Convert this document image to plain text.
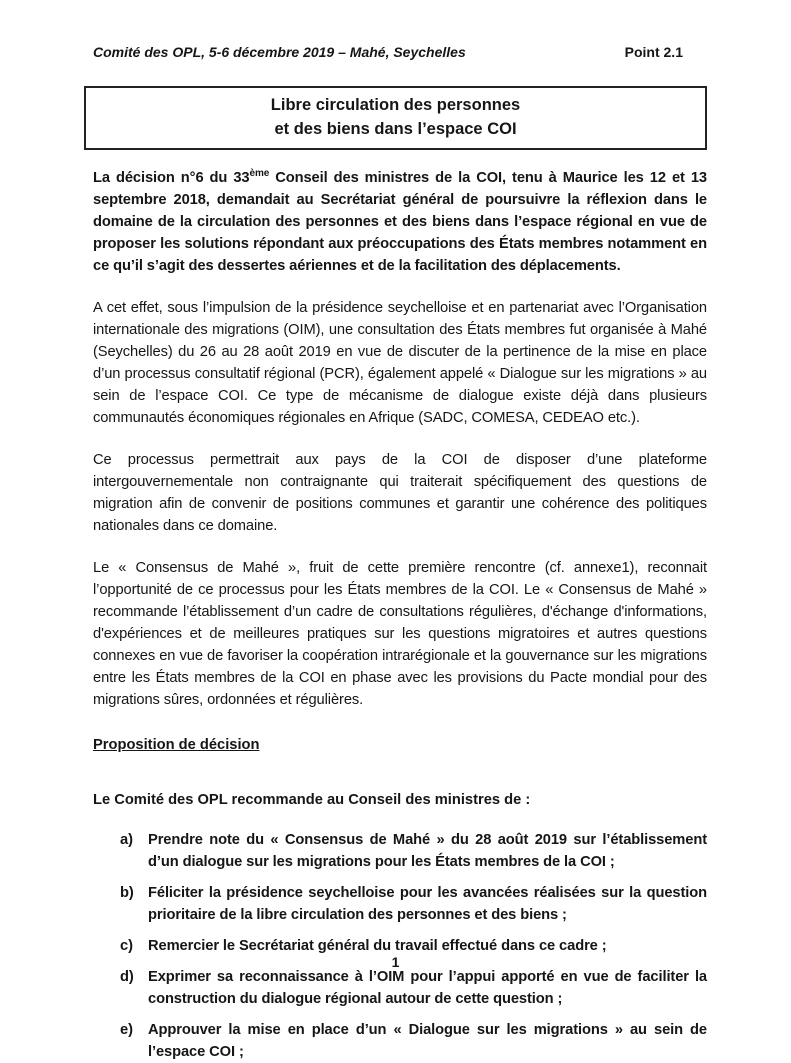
Comité des OPL, 5-6 décembre 2019 – Mahé, Seychelles	Point 2.1
Libre circulation des personnes
et des biens dans l’espace COI

La décision n°6 du 33ème Conseil des ministres de la COI, tenu à Maurice les 12 et 13 septembre 2018, demandait au Secrétariat général de poursuivre la réflexion dans le domaine de la circulation des personnes et des biens dans l’espace régional en vue de proposer les solutions répondant aux préoccupations des États membres notamment en ce qu’il s’agit des dessertes aériennes et de la facilitation des déplacements.

A cet effet, sous l’impulsion de la présidence seychelloise et en partenariat avec l’Organisation internationale des migrations (OIM), une consultation des États membres fut organisée à Mahé (Seychelles) du 26 au 28 août 2019 en vue de discuter de la pertinence de la mise en place d’un processus consultatif régional (PCR), également appelé « Dialogue sur les migrations » au sein de l’espace COI. Ce type de mécanisme de dialogue existe déjà dans plusieurs communautés économiques régionales en Afrique (SADC, COMESA, CEDEAO etc.).

Ce processus permettrait aux pays de la COI de disposer d’une plateforme intergouvernementale non contraignante qui traiterait spécifiquement des questions de migration afin de convenir de positions communes et garantir une cohérence des politiques nationales dans ce domaine.

Le « Consensus de Mahé », fruit de cette première rencontre (cf. annexe1), reconnait l’opportunité de ce processus pour les États membres de la COI. Le « Consensus de Mahé » recommande l’établissement d’un cadre de consultations régulières, d'échange d'informations, d'expériences et de meilleures pratiques sur les questions migratoires et autres questions connexes en vue de favoriser la coopération intrarégionale et la gouvernance sur les migrations entre les États membres de la COI en phase avec les provisions du Pacte mondial pour des migrations sûres, ordonnées et régulières.

Proposition de décision
Le Comité des OPL recommande au Conseil des ministres de :
a)	Prendre note du « Consensus de Mahé » du 28 août 2019 sur l’établissement d’un dialogue sur les migrations pour les États membres de la COI ;
b) Féliciter la présidence seychelloise pour les avancées réalisées sur la question prioritaire de la libre circulation des personnes et des biens ;
c)	Remercier le Secrétariat général du travail effectué dans ce cadre ;
d) Exprimer sa reconnaissance à l’OIM pour l’appui apporté en vue de faciliter la construction du dialogue régional autour de cette question ;
e)	Approuver la mise en place d’un « Dialogue sur les migrations » au sein de l’espace COI ;
1
